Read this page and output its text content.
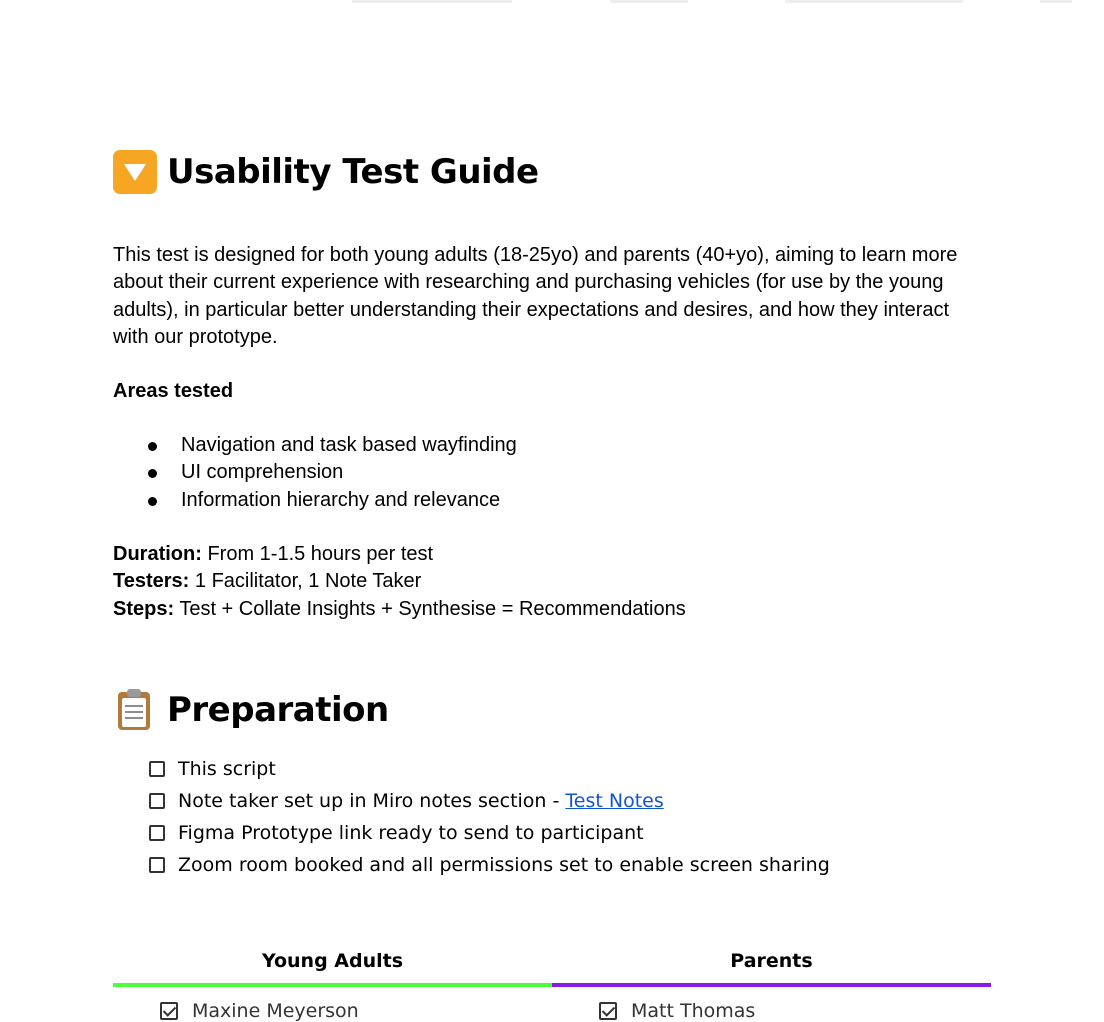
Usability Test Guide
This test is designed for both young adults (18-25yo) and parents (40+yo), aiming to learn more
about their current experience with researching and purchasing vehicles (for use by the young
adults), in particular better understanding their expectations and desires, and how they interact
with our prototype.
Areas tested
Navigation and task based wayfinding
UI comprehension
Information hierarchy and relevance
Duration: From 1-1.5 hours per test
Testers: 1 Facilitator, 1 Note Taker
Steps: Test + Collate Insights + Synthesise = Recommendations
Preparation
This script
Note taker set up in Miro notes section - Test Notes
Figma Prototype link ready to send to participant
Zoom room booked and all permissions set to enable screen sharing
Young Adults	Parents
Maxine Meyerson	Matt Thomas
